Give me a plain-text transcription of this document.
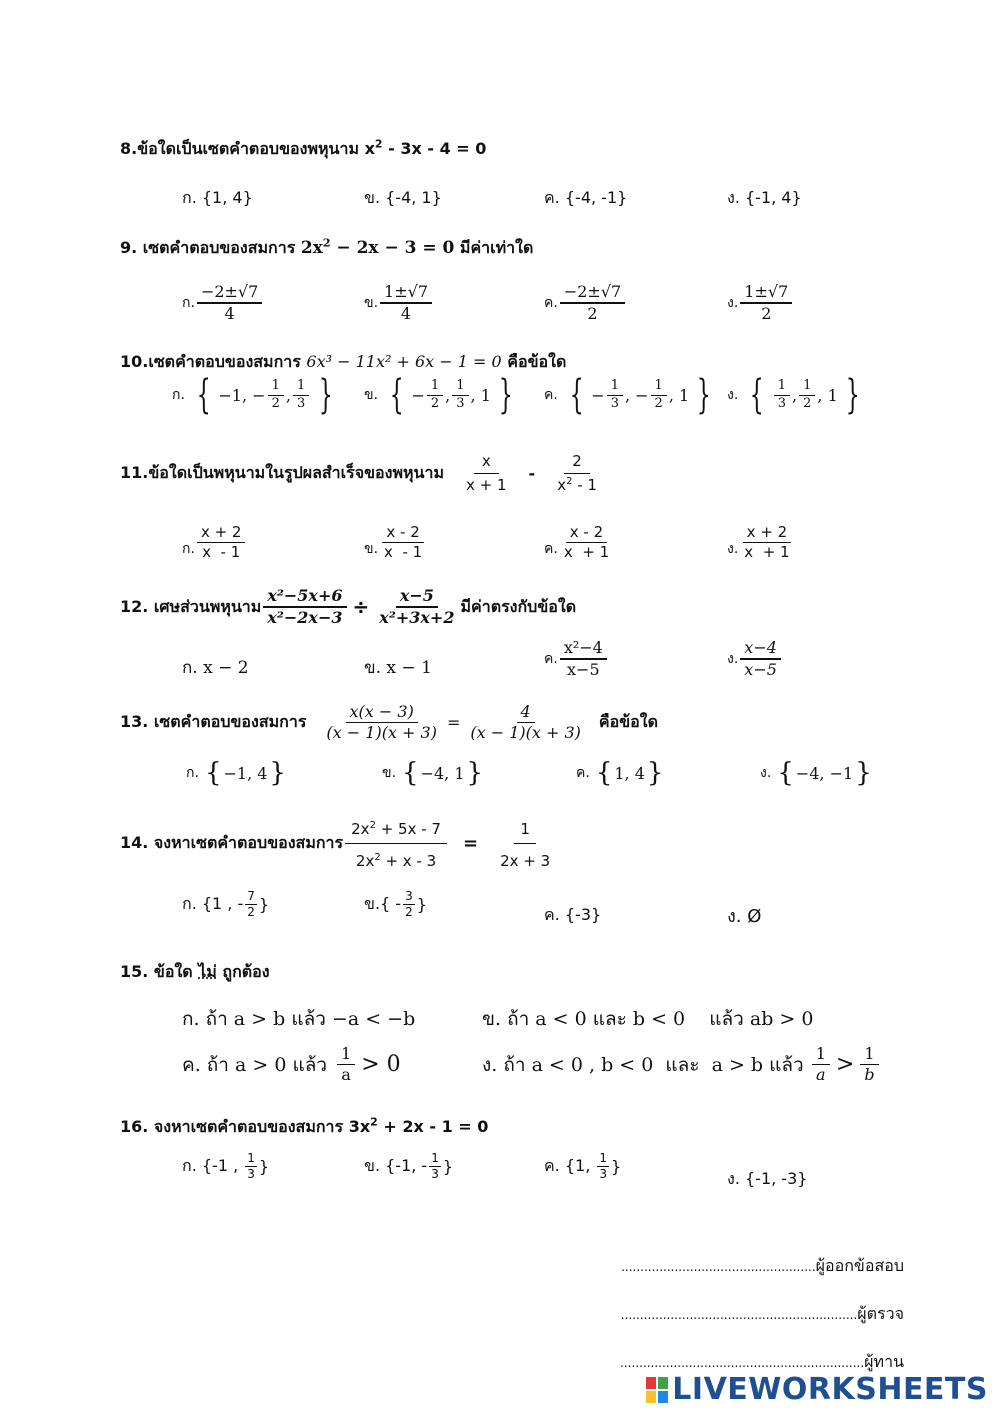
8.ข้อใดเป็นเซตคำตอบของพหุนาม $x^2 - 3x - 4 = 0$
ก. {1, 4}	ข. {-4, 1}	ค. {-4, -1}	ง. {-1, 4}
9. เซตคำตอบของสมการ $2x^2 - 2x - 3 = 0$ มีค่าเท่าใด
ก. $\frac{-2\pm√7}{4}$	ข. $\frac{1\pm√7}{4}$	ค. $\frac{-2\pm√7}{2}$	ง. $\frac{1\pm√7}{2}$
10.เซตคำตอบของสมการ 6x³ − 11x² + 6x − 1 = 0 คือข้อใด
ก. { −1, − $\frac{1}{2}$ , $\frac{1}{3}$ } ข. { − $\frac{1}{2}$ , $\frac{1}{3}$ , 1 } ค. { − $\frac{1}{3}$ , − $\frac{1}{2}$ , 1 } ง. { $\frac{1}{3}$ , $\frac{1}{2}$ , 1 }
11.ข้อใดเป็นพหุนามในรูปผลสำเร็จของพหุนาม $\frac{x}{x + 1} - \frac{2}{x^2 - 1}$
ก. $\frac{x + 2}{x - 1}$	ข. $\frac{x - 2}{x - 1}$	ค. $\frac{x - 2}{x + 1}$	ง. $\frac{x + 2}{x + 1}$
12. เศษส่วนพหุนาม $\frac{\text{x²−5x+6}}{\text{x²−2x−3}} \div \frac{x-5}{\text{x²+3x+2}}$ มีค่าตรงกับข้อใด
ก. x − 2	ข. x − 1	ค. $\frac{\text{x²−4}}{x-5}$	ง. $\frac{x-4}{x-5}$
13. เซตคำตอบของสมการ $\frac{x(x - 3)}{(x - 1)(x + 3)} = \frac{4}{(x - 1)(x + 3)}$ คือข้อใด
ก. { −1, 4 }	ข. { −4, 1 }	ค. { 1, 4 }	ง. { −4, −1 }
14. จงหาเซตคำตอบของสมการ $\frac{2x^2 + 5x - 7}{2x^2 + x - 3} = \frac{1}{2x + 3}$
ก. {1 , - $\frac{7}{2}$ }	ข.{ - $\frac{3}{2}$ }
ค. {-3}	ง. Ø
15. ข้อใด ไม่ ถูกต้อง
ก. ถ้า a > b แล้ว −a < −b	ข. ถ้า a < 0 และ b < 0    แล้ว ab > 0
ค. ถ้า a > 0 แล้ว $\frac{1}{a} > 0$	ง. ถ้า a < 0 , b < 0  และ  a > b แล้ว $\frac{1}{a} > \frac{1}{b}$
16. จงหาเซตคำตอบของสมการ $3x^2 + 2x - 1 = 0$
ก. {-1 , $\frac{1}{3}$ }	ข. {-1, - $\frac{1}{3}$ }	ค. {1, $\frac{1}{3}$ }
ง. {-1, -3}
...................................................ผู้ออกข้อสอบ
..............................................................ผู้ตรวจ
................................................................ผู้ทาน
LIVEWORKSHEETS
